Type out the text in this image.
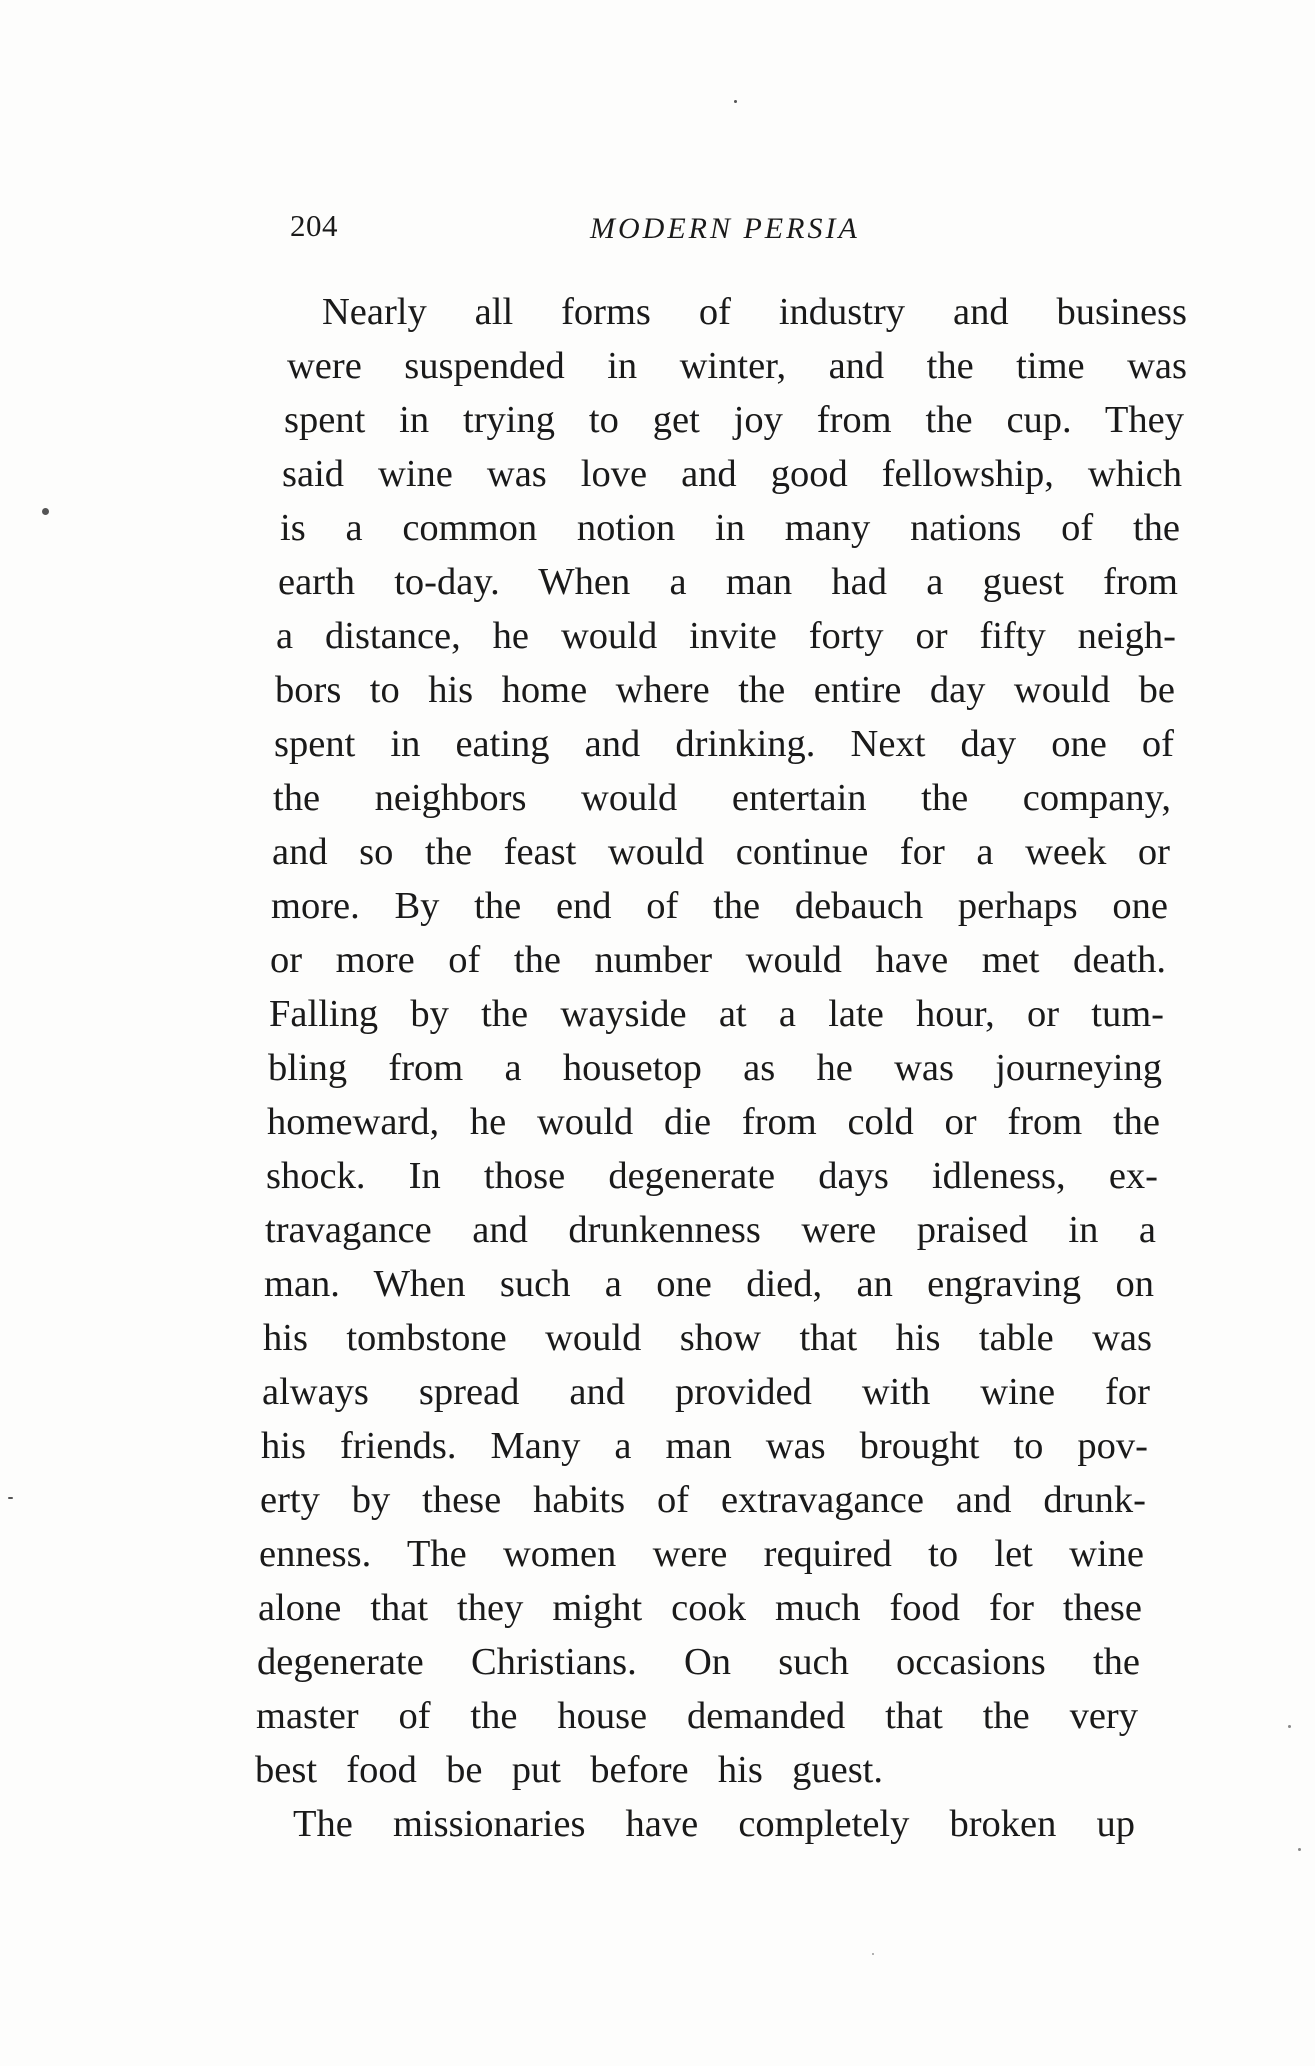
204	MODERN PERSIA
Nearly all forms of industry and business
were suspended in winter, and the time was
spent in trying to get joy from the cup. They
said wine was love and good fellowship, which
is a common notion in many nations of the
earth to-day. When a man had a guest from
a distance, he would invite forty or fifty neigh-
bors to his home where the entire day would be
spent in eating and drinking. Next day one of
the neighbors would entertain the company,
and so the feast would continue for a week or
more. By the end of the debauch perhaps one
or more of the number would have met death.
Falling by the wayside at a late hour, or tum-
bling from a housetop as he was journeying
homeward, he would die from cold or from the
shock. In those degenerate days idleness, ex-
travagance and drunkenness were praised in a
man. When such a one died, an engraving on
his tombstone would show that his table was
always spread and provided with wine for
his friends. Many a man was brought to pov-
erty by these habits of extravagance and drunk-
enness. The women were required to let wine
alone that they might cook much food for these
degenerate Christians. On such occasions the
master of the house demanded that the very
best food be put before his guest.
The missionaries have completely broken up
